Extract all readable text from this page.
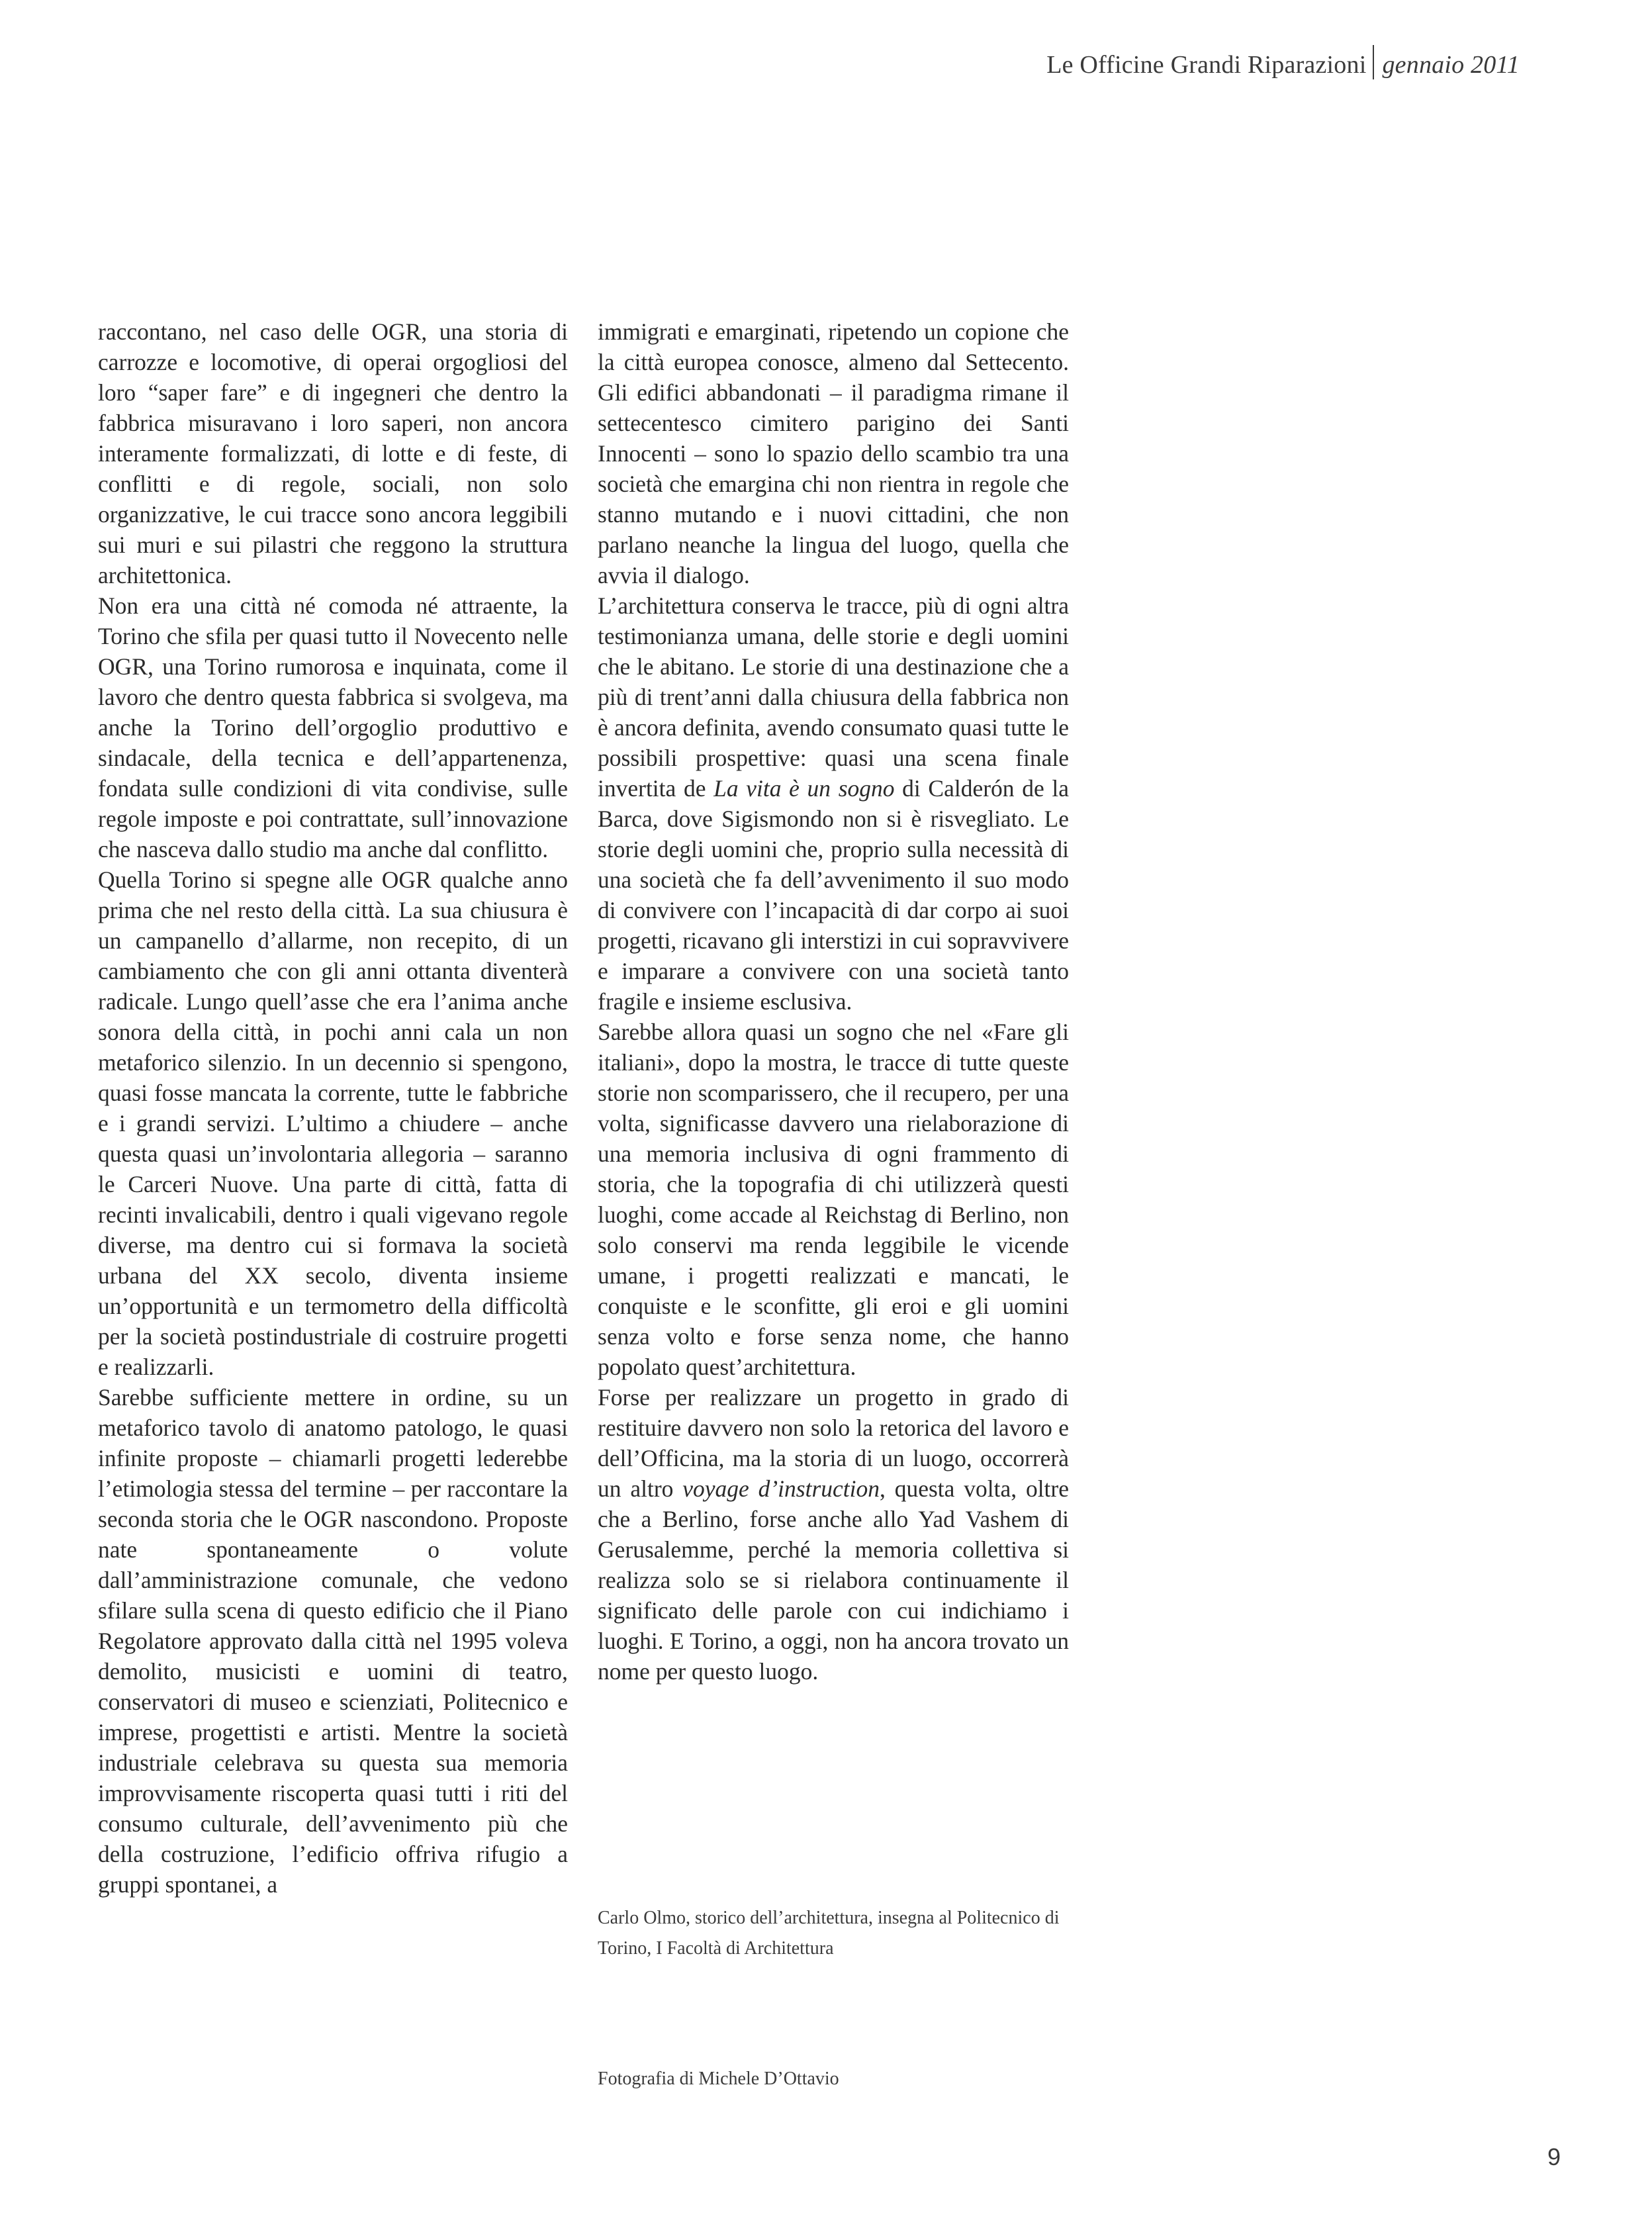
Le Officine Grandi Riparazioni gennaio 2011

raccontano, nel caso delle OGR, una storia di carrozze e locomotive, di operai orgogliosi del loro “saper fare” e di ingegneri che dentro la fabbrica misuravano i loro saperi, non ancora interamente formalizzati, di lotte e di feste, di conflitti e di regole, sociali, non solo organizzative, le cui tracce sono ancora leggibili sui muri e sui pilastri che reggono la struttura architettonica.

Non era una città né comoda né attraente, la Torino che sfila per quasi tutto il Novecento nelle OGR, una Torino rumorosa e inquinata, come il lavoro che dentro questa fabbrica si svolgeva, ma anche la Torino dell’orgoglio produttivo e sindacale, della tecnica e dell’appartenenza, fondata sulle condizioni di vita condivise, sulle regole imposte e poi contrattate, sull’innovazione che nasceva dallo studio ma anche dal conflitto.

Quella Torino si spegne alle OGR qualche anno prima che nel resto della città. La sua chiusura è un campanello d’allarme, non recepito, di un cambiamento che con gli anni ottanta diventerà radicale. Lungo quell’asse che era l’anima anche sonora della città, in pochi anni cala un non metaforico silenzio. In un decennio si spengono, quasi fosse mancata la corrente, tutte le fabbriche e i grandi servizi. L’ultimo a chiudere – anche questa quasi un’involontaria allegoria – saranno le Carceri Nuove. Una parte di città, fatta di recinti invalicabili, dentro i quali vigevano regole diverse, ma dentro cui si formava la società urbana del XX secolo, diventa insieme un’opportunità e un termometro della difficoltà per la società postindustriale di costruire progetti e realizzarli.

Sarebbe sufficiente mettere in ordine, su un metaforico tavolo di anatomo patologo, le quasi infinite proposte – chiamarli progetti lederebbe l’etimologia stessa del termine – per raccontare la seconda storia che le OGR nascondono. Proposte nate spontaneamente o volute dall’amministrazione comunale, che vedono sfilare sulla scena di questo edificio che il Piano Regolatore approvato dalla città nel 1995 voleva demolito, musicisti e uomini di teatro, conservatori di museo e scienziati, Politecnico e imprese, progettisti e artisti. Mentre la società industriale celebrava su questa sua memoria improvvisamente riscoperta quasi tutti i riti del consumo culturale, dell’avvenimento più che della costruzione, l’edificio offriva rifugio a gruppi spontanei, a

immigrati e emarginati, ripetendo un copione che la città europea conosce, almeno dal Settecento. Gli edifici abbandonati – il paradigma rimane il settecentesco cimitero parigino dei Santi Innocenti – sono lo spazio dello scambio tra una società che emargina chi non rientra in regole che stanno mutando e i nuovi cittadini, che non parlano neanche la lingua del luogo, quella che avvia il dialogo.

L’architettura conserva le tracce, più di ogni altra testimonianza umana, delle storie e degli uomini che le abitano. Le storie di una destinazione che a più di trent’anni dalla chiusura della fabbrica non è ancora definita, avendo consumato quasi tutte le possibili prospettive: quasi una scena finale invertita de La vita è un sogno di Calderón de la Barca, dove Sigismondo non si è risvegliato. Le storie degli uomini che, proprio sulla necessità di una società che fa dell’avvenimento il suo modo di convivere con l’incapacità di dar corpo ai suoi progetti, ricavano gli interstizi in cui sopravvivere e imparare a convivere con una società tanto fragile e insieme esclusiva.

Sarebbe allora quasi un sogno che nel «Fare gli italiani», dopo la mostra, le tracce di tutte queste storie non scomparissero, che il recupero, per una volta, significasse davvero una rielaborazione di una memoria inclusiva di ogni frammento di storia, che la topografia di chi utilizzerà questi luoghi, come accade al Reichstag di Berlino, non solo conservi ma renda leggibile le vicende umane, i progetti realizzati e mancati, le conquiste e le sconfitte, gli eroi e gli uomini senza volto e forse senza nome, che hanno popolato quest’architettura.

Forse per realizzare un progetto in grado di restituire davvero non solo la retorica del lavoro e dell’Officina, ma la storia di un luogo, occorrerà un altro voyage d’instruction, questa volta, oltre che a Berlino, forse anche allo Yad Vashem di Gerusalemme, perché la memoria collettiva si realizza solo se si rielabora continuamente il significato delle parole con cui indichiamo i luoghi. E Torino, a oggi, non ha ancora trovato un nome per questo luogo.

Carlo Olmo, storico dell’architettura, insegna al Politecnico di Torino, I Facoltà di Architettura
Fotografia di Michele D’Ottavio
9
